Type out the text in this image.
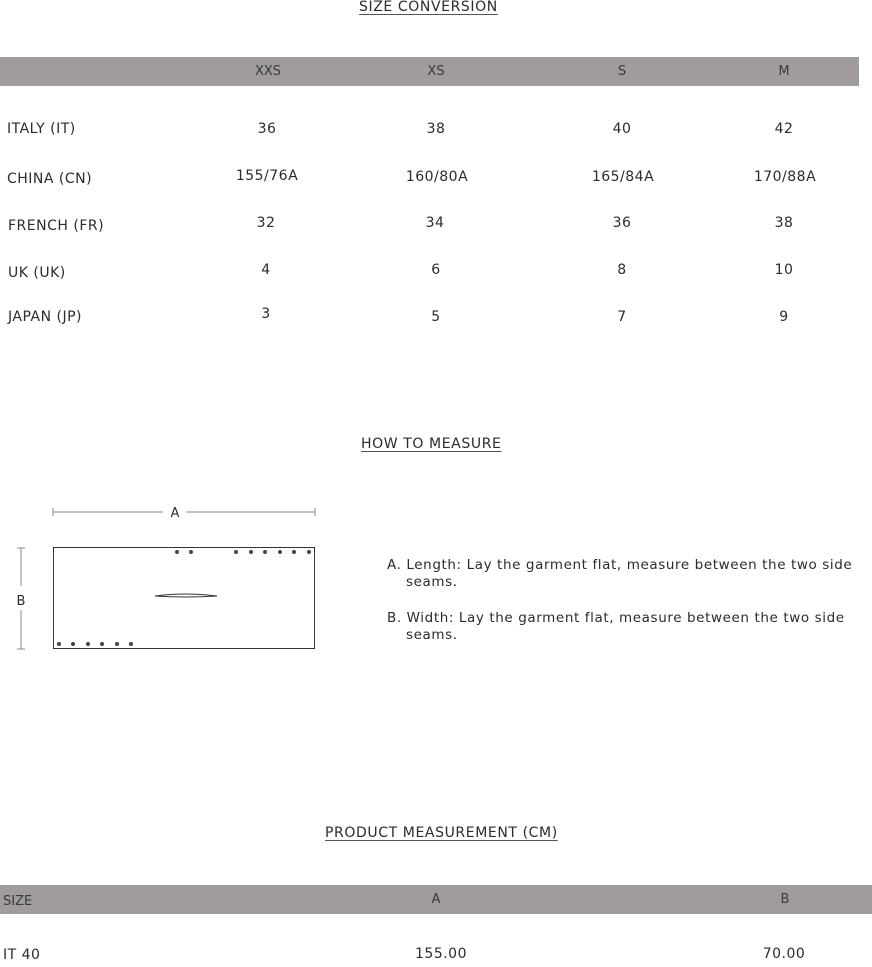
SIZE CONVERSION
XXS	XS	S	M
ITALY (IT)	36	38	40	42
CHINA (CN)	155/76A	160/80A	165/84A	170/88A
FRENCH (FR)	32	34	36	38
UK (UK)	4	6	8	10
JAPAN (JP)	3	5	7	9
HOW TO MEASURE
A
B
A. Length: Lay the garment flat, measure between the two side
seams.
B. Width: Lay the garment flat, measure between the two side
seams.
PRODUCT MEASUREMENT (CM)
SIZE	A	B
IT 40	155.00	70.00
